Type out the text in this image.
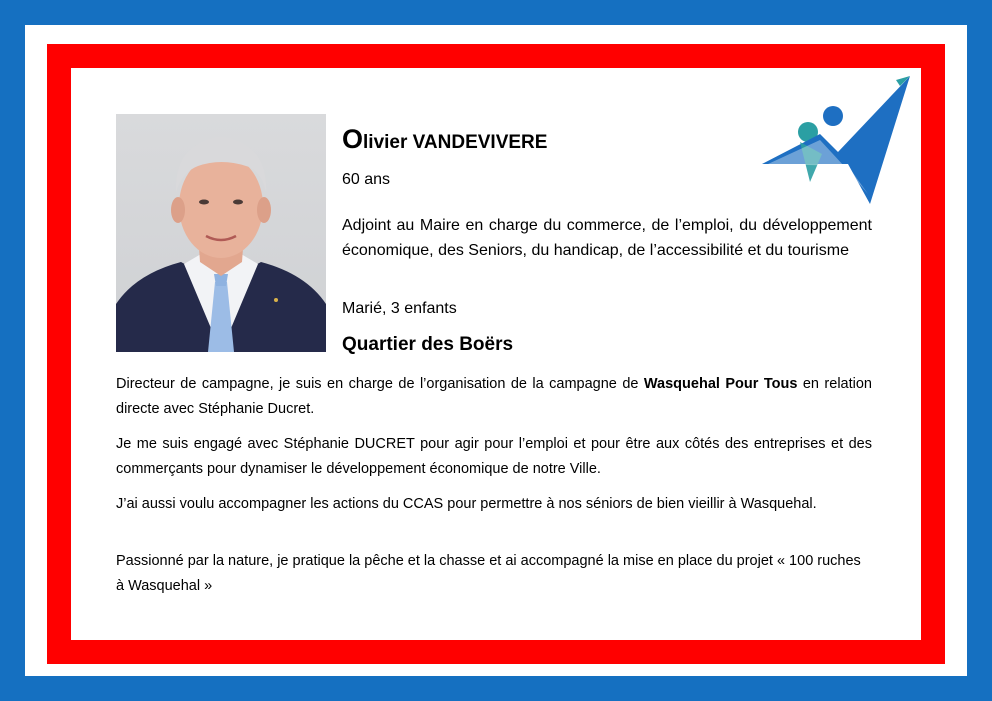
Olivier VANDEVIVERE
60 ans
Adjoint au Maire en charge du commerce, de l’emploi, du développement économique, des Seniors, du handicap, de l’accessibilité et du tourisme
Marié, 3 enfants
Quartier des Boërs

Directeur de campagne, je suis en charge de l’organisation de la campagne de Wasquehal Pour Tous en relation directe avec Stéphanie Ducret.

Je me suis engagé avec Stéphanie DUCRET pour agir pour l’emploi et pour être aux côtés des entreprises et des commerçants pour dynamiser le développement économique de notre Ville.

J’ai aussi voulu accompagner les actions du CCAS pour permettre à nos séniors de bien vieillir à Wasquehal.

Passionné par la nature, je pratique la pêche et la chasse et ai accompagné la mise en place du projet « 100 ruches à Wasquehal »
